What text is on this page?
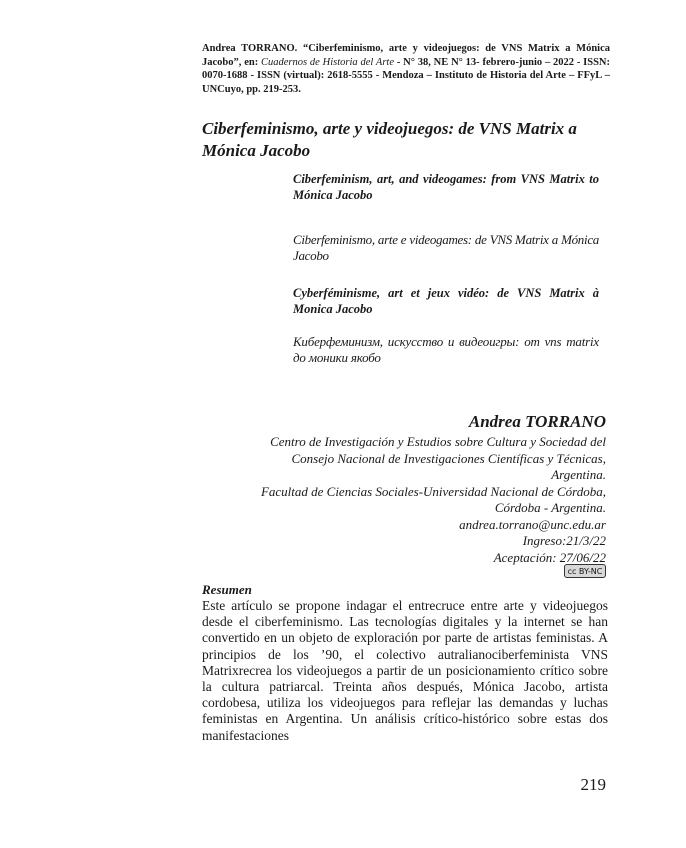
Andrea TORRANO. “Ciberfeminismo, arte y videojuegos: de VNS Matrix a Mónica Jacobo”, en: Cuadernos de Historia del Arte - N° 38, NE N° 13- febrero-junio – 2022 - ISSN: 0070-1688 - ISSN (virtual): 2618-5555 - Mendoza – Instituto de Historia del Arte – FFyL – UNCuyo, pp. 219-253.
Ciberfeminismo, arte y videojuegos: de VNS Matrix a Mónica Jacobo
Ciberfeminism, art, and videogames: from VNS Matrix to Mónica Jacobo
Ciberfeminismo, arte e videogames: de VNS Matrix a Mónica Jacobo
Cyberféminisme, art et jeux vidéo: de VNS Matrix à Monica Jacobo
Киберфеминизм, искусство и видеоигры: от vns matrix до моники якобо
Andrea TORRANO
Centro de Investigación y Estudios sobre Cultura y Sociedad del
Consejo Nacional de Investigaciones Científicas y Técnicas,
Argentina.
Facultad de Ciencias Sociales-Universidad Nacional de Córdoba,
Córdoba - Argentina.
andrea.torrano@unc.edu.ar
Ingreso:21/3/22
Aceptación: 27/06/22
cc BY-NC
Resumen
Este artículo se propone indagar el entrecruce entre arte y videojuegos desde el ciberfeminismo. Las tecnologías digitales y la internet se han convertido en un objeto de exploración por parte de artistas feministas. A principios de los ’90, el colectivo autralianociberfeminista VNS Matrixrecrea los videojuegos a partir de un posicionamiento crítico sobre la cultura patriarcal. Treinta años después, Mónica Jacobo, artista cordobesa, utiliza los videojuegos para reflejar las demandas y luchas feministas en Argentina. Un análisis crítico-histórico sobre estas dos manifestaciones
219
